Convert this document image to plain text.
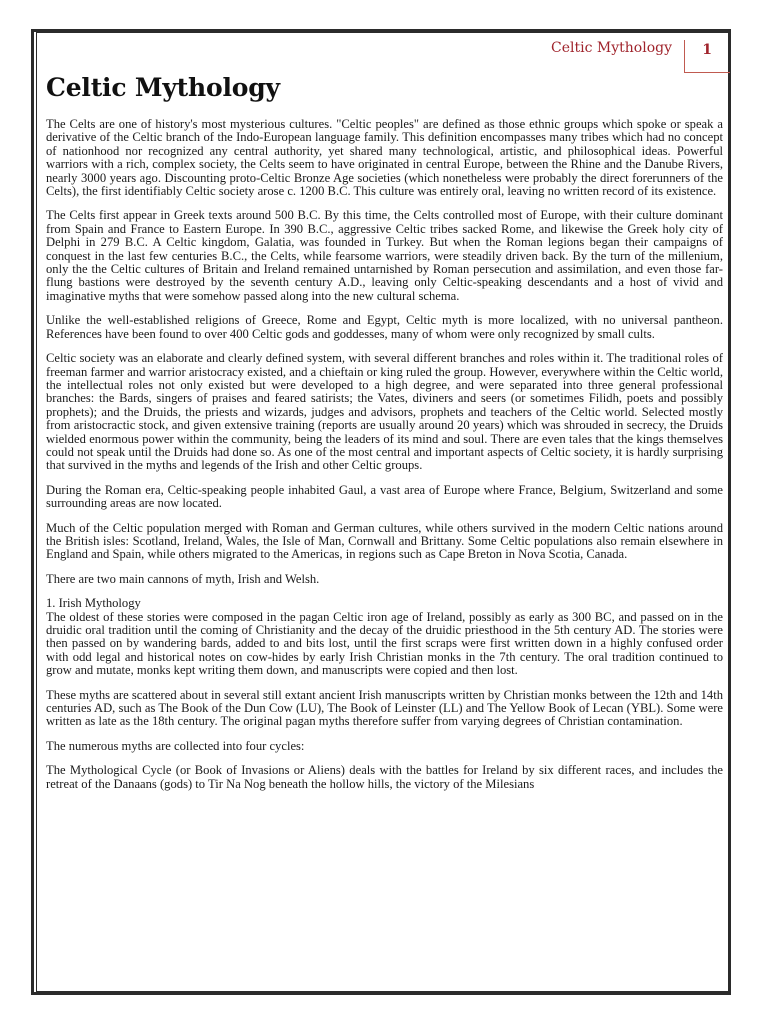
Celtic Mythology 1
Celtic Mythology

The Celts are one of history's most mysterious cultures. "Celtic peoples" are defined as those ethnic groups which spoke or speak a derivative of the Celtic branch of the Indo-European language family. This definition encompasses many tribes which had no concept of nationhood nor recognized any central authority, yet shared many technological, artistic, and philosophical ideas. Powerful warriors with a rich, complex society, the Celts seem to have originated in central Europe, between the Rhine and the Danube Rivers, nearly 3000 years ago. Discounting proto-Celtic Bronze Age societies (which nonetheless were probably the direct forerunners of the Celts), the first identifiably Celtic society arose c. 1200 B.C. This culture was entirely oral, leaving no written record of its existence.

The Celts first appear in Greek texts around 500 B.C. By this time, the Celts controlled most of Europe, with their culture dominant from Spain and France to Eastern Europe. In 390 B.C., aggressive Celtic tribes sacked Rome, and likewise the Greek holy city of Delphi in 279 B.C. A Celtic kingdom, Galatia, was founded in Turkey. But when the Roman legions began their campaigns of conquest in the last few centuries B.C., the Celts, while fearsome warriors, were steadily driven back. By the turn of the millenium, only the the Celtic cultures of Britain and Ireland remained untarnished by Roman persecution and assimilation, and even those far-flung bastions were destroyed by the seventh century A.D., leaving only Celtic-speaking descendants and a host of vivid and imaginative myths that were somehow passed along into the new cultural schema.

Unlike the well-established religions of Greece, Rome and Egypt, Celtic myth is more localized, with no universal pantheon. References have been found to over 400 Celtic gods and goddesses, many of whom were only recognized by small cults.

Celtic society was an elaborate and clearly defined system, with several different branches and roles within it. The traditional roles of freeman farmer and warrior aristocracy existed, and a chieftain or king ruled the group. However, everywhere within the Celtic world, the intellectual roles not only existed but were developed to a high degree, and were separated into three general professional branches: the Bards, singers of praises and feared satirists; the Vates, diviners and seers (or sometimes Filidh, poets and possibly prophets); and the Druids, the priests and wizards, judges and advisors, prophets and teachers of the Celtic world. Selected mostly from aristocractic stock, and given extensive training (reports are usually around 20 years) which was shrouded in secrecy, the Druids wielded enormous power within the community, being the leaders of its mind and soul. There are even tales that the kings themselves could not speak until the Druids had done so. As one of the most central and important aspects of Celtic society, it is hardly surprising that survived in the myths and legends of the Irish and other Celtic groups.

During the Roman era, Celtic-speaking people inhabited Gaul, a vast area of Europe where France, Belgium, Switzerland and some surrounding areas are now located.

Much of the Celtic population merged with Roman and German cultures, while others survived in the modern Celtic nations around the British isles: Scotland, Ireland, Wales, the Isle of Man, Cornwall and Brittany. Some Celtic populations also remain elsewhere in England and Spain, while others migrated to the Americas, in regions such as Cape Breton in Nova Scotia, Canada.

There are two main cannons of myth, Irish and Welsh.

1. Irish Mythology

The oldest of these stories were composed in the pagan Celtic iron age of Ireland, possibly as early as 300 BC, and passed on in the druidic oral tradition until the coming of Christianity and the decay of the druidic priesthood in the 5th century AD. The stories were then passed on by wandering bards, added to and bits lost, until the first scraps were first written down in a highly confused order with odd legal and historical notes on cow-hides by early Irish Christian monks in the 7th century. The oral tradition continued to grow and mutate, monks kept writing them down, and manuscripts were copied and then lost.

These myths are scattered about in several still extant ancient Irish manuscripts written by Christian monks between the 12th and 14th centuries AD, such as The Book of the Dun Cow (LU), The Book of Leinster (LL) and The Yellow Book of Lecan (YBL). Some were written as late as the 18th century. The original pagan myths therefore suffer from varying degrees of Christian contamination.

The numerous myths are collected into four cycles:

The Mythological Cycle (or Book of Invasions or Aliens) deals with the battles for Ireland by six different races, and includes the retreat of the Danaans (gods) to Tir Na Nog beneath the hollow hills, the victory of the Milesians
